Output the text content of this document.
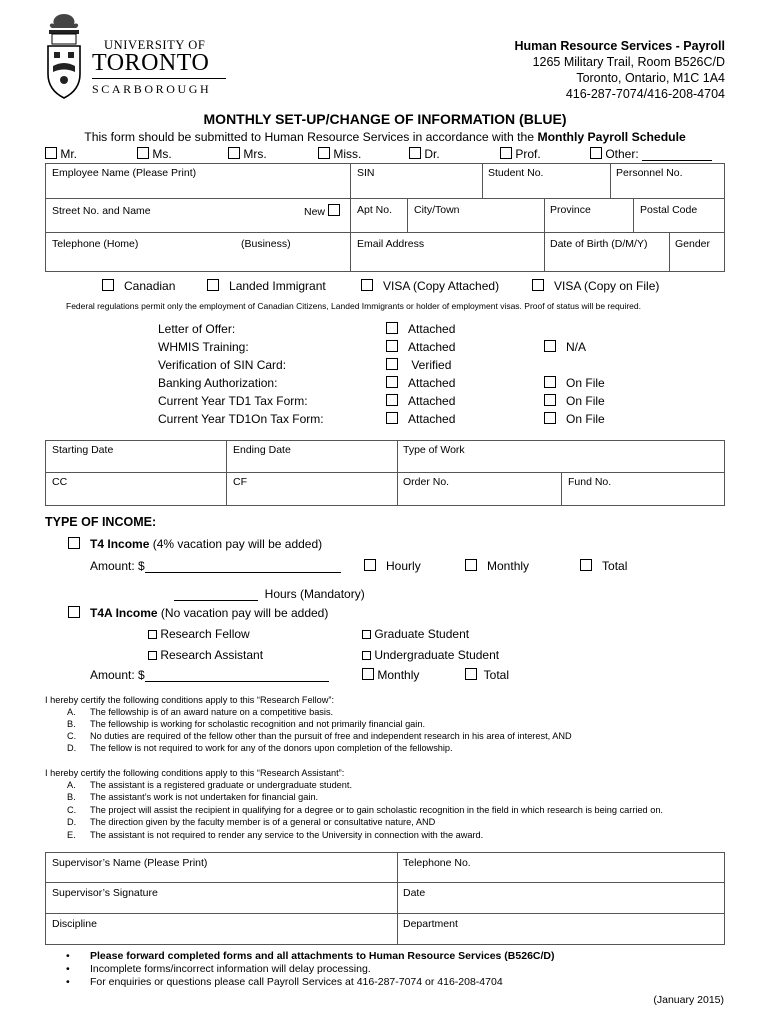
UNIVERSITY OF
TORONTO
SCARBOROUGH
Human Resource Services - Payroll
1265 Military Trail, Room B526C/D
Toronto, Ontario, M1C 1A4
416-287-7074/416-208-4704
MONTHLY SET-UP/CHANGE OF INFORMATION (BLUE)
This form should be submitted to Human Resource Services in accordance with the Monthly Payroll Schedule
Mr.	Ms.	Mrs.	Miss.	Dr.	Prof.	Other:
Employee Name (Please Print)	SIN	Student No.	Personnel No.
Street No. and Name	New	Apt No. City/Town	Province	Postal Code
Telephone (Home)	(Business)	Email Address	Date of Birth (D/M/Y)	Gender
Canadian	Landed Immigrant	VISA (Copy Attached)	VISA (Copy on File)
Federal regulations permit only the employment of Canadian Citizens, Landed Immigrants or holder of employment visas. Proof of status will be required.
Letter of Offer:	Attached
WHMIS Training:	Attached	N/A
Verification of SIN Card:	Verified
Banking Authorization:	Attached	On File
Current Year TD1 Tax Form:	Attached	On File
Current Year TD1On Tax Form:	Attached	On File
Starting Date	Ending Date	Type of Work
CC	CF	Order No.	Fund No.
TYPE OF INCOME:
T4 Income (4% vacation pay will be added)
Amount: $	Hourly	Monthly	Total
Hours (Mandatory)
T4A Income (No vacation pay will be added)
Research Fellow	Graduate Student
Research Assistant	Undergraduate Student
Amount: $	Monthly	Total
I hereby certify the following conditions apply to this “Research Fellow”:
A. The fellowship is of an award nature on a competitive basis.
B. The fellowship is working for scholastic recognition and not primarily financial gain.
C. No duties are required of the fellow other than the pursuit of free and independent research in his area of interest, AND
D. The fellow is not required to work for any of the donors upon completion of the fellowship.
I hereby certify the following conditions apply to this “Research Assistant”:
A. The assistant is a registered graduate or undergraduate student.
B. The assistant’s work is not undertaken for financial gain.
C. The project will assist the recipient in qualifying for a degree or to gain scholastic recognition in the field in which research is being carried on.
D. The direction given by the faculty member is of a general or consultative nature, AND
E. The assistant is not required to render any service to the University in connection with the award.
Supervisor’s Name (Please Print)	Telephone No.
Supervisor’s Signature	Date
Discipline	Department
• Please forward completed forms and all attachments to Human Resource Services (B526C/D)
• Incomplete forms/incorrect information will delay processing.
• For enquiries or questions please call Payroll Services at 416-287-7074 or 416-208-4704
(January 2015)
